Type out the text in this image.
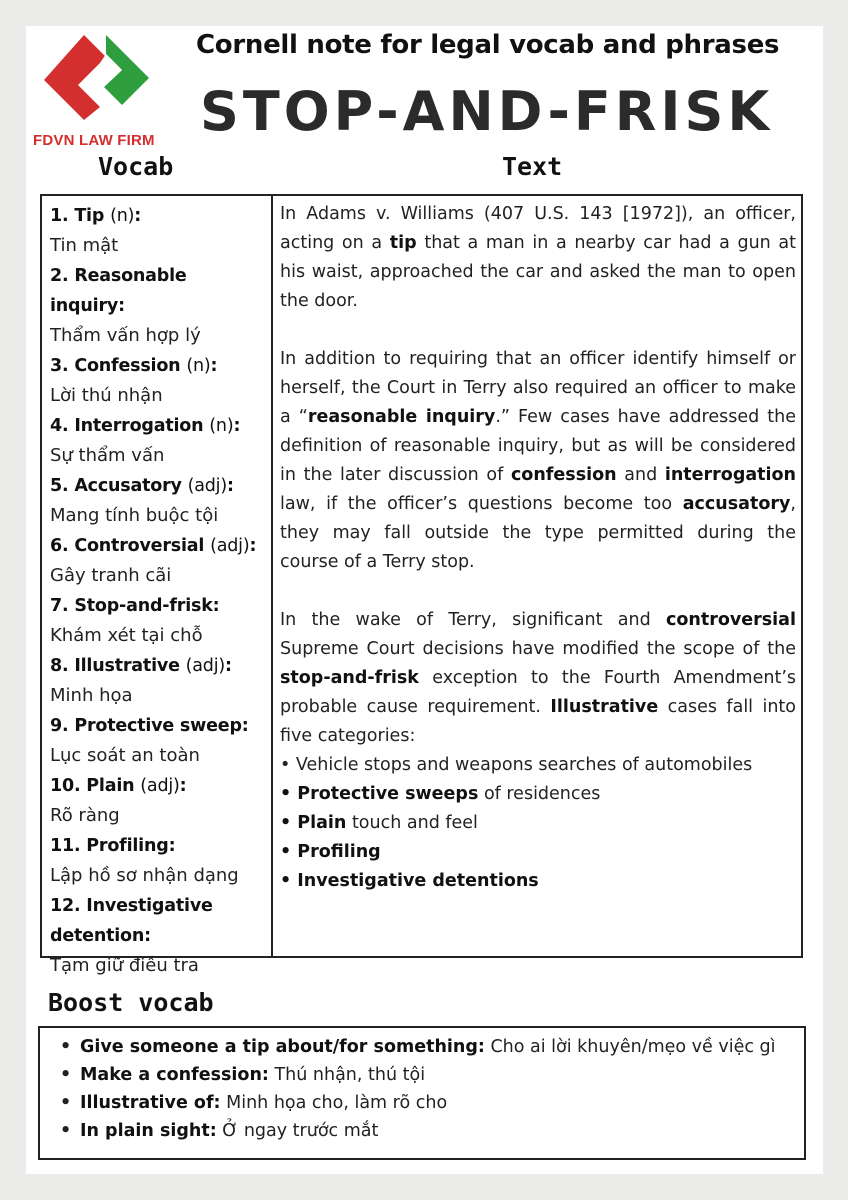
FDVN LAW FIRM
Cornell note for legal vocab and phrases
STOP-AND-FRISK
Vocab	Text
1. Tip (n):
Tin mật
2. Reasonable inquiry:
Thẩm vấn hợp lý
3. Confession (n):
Lời thú nhận
4. Interrogation (n):
Sự thẩm vấn
5. Accusatory (adj):
Mang tính buộc tội
6. Controversial (adj):
Gây tranh cãi
7. Stop-and-frisk:
Khám xét tại chỗ
8. Illustrative (adj):
Minh họa
9. Protective sweep:
Lục soát an toàn
10. Plain (adj):
Rõ ràng
11. Profiling:
Lập hồ sơ nhận dạng
12. Investigative detention:
Tạm giữ điều tra

In Adams v. Williams (407 U.S. 143 [1972]), an officer, acting on a tip that a man in a nearby car had a gun at his waist, approached the car and asked the man to open the door.

In addition to requiring that an officer identify himself or herself, the Court in Terry also required an officer to make a “reasonable inquiry.” Few cases have addressed the definition of reasonable inquiry, but as will be considered in the later discussion of confession and interrogation law, if the officer’s questions become too accusatory, they may fall outside the type permitted during the course of a Terry stop.

In the wake of Terry, significant and controversial Supreme Court decisions have modified the scope of the stop-and-frisk exception to the Fourth Amendment’s probable cause requirement. Illustrative cases fall into five categories:

• Vehicle stops and weapons searches of automobiles
• Protective sweeps of residences
• Plain touch and feel
• Profiling
• Investigative detentions
Boost vocab
• Give someone a tip about/for something: Cho ai lời khuyên/mẹo về việc gì
• Make a confession: Thú nhận, thú tội
• Illustrative of: Minh họa cho, làm rõ cho
• In plain sight: Ở ngay trước mắt
